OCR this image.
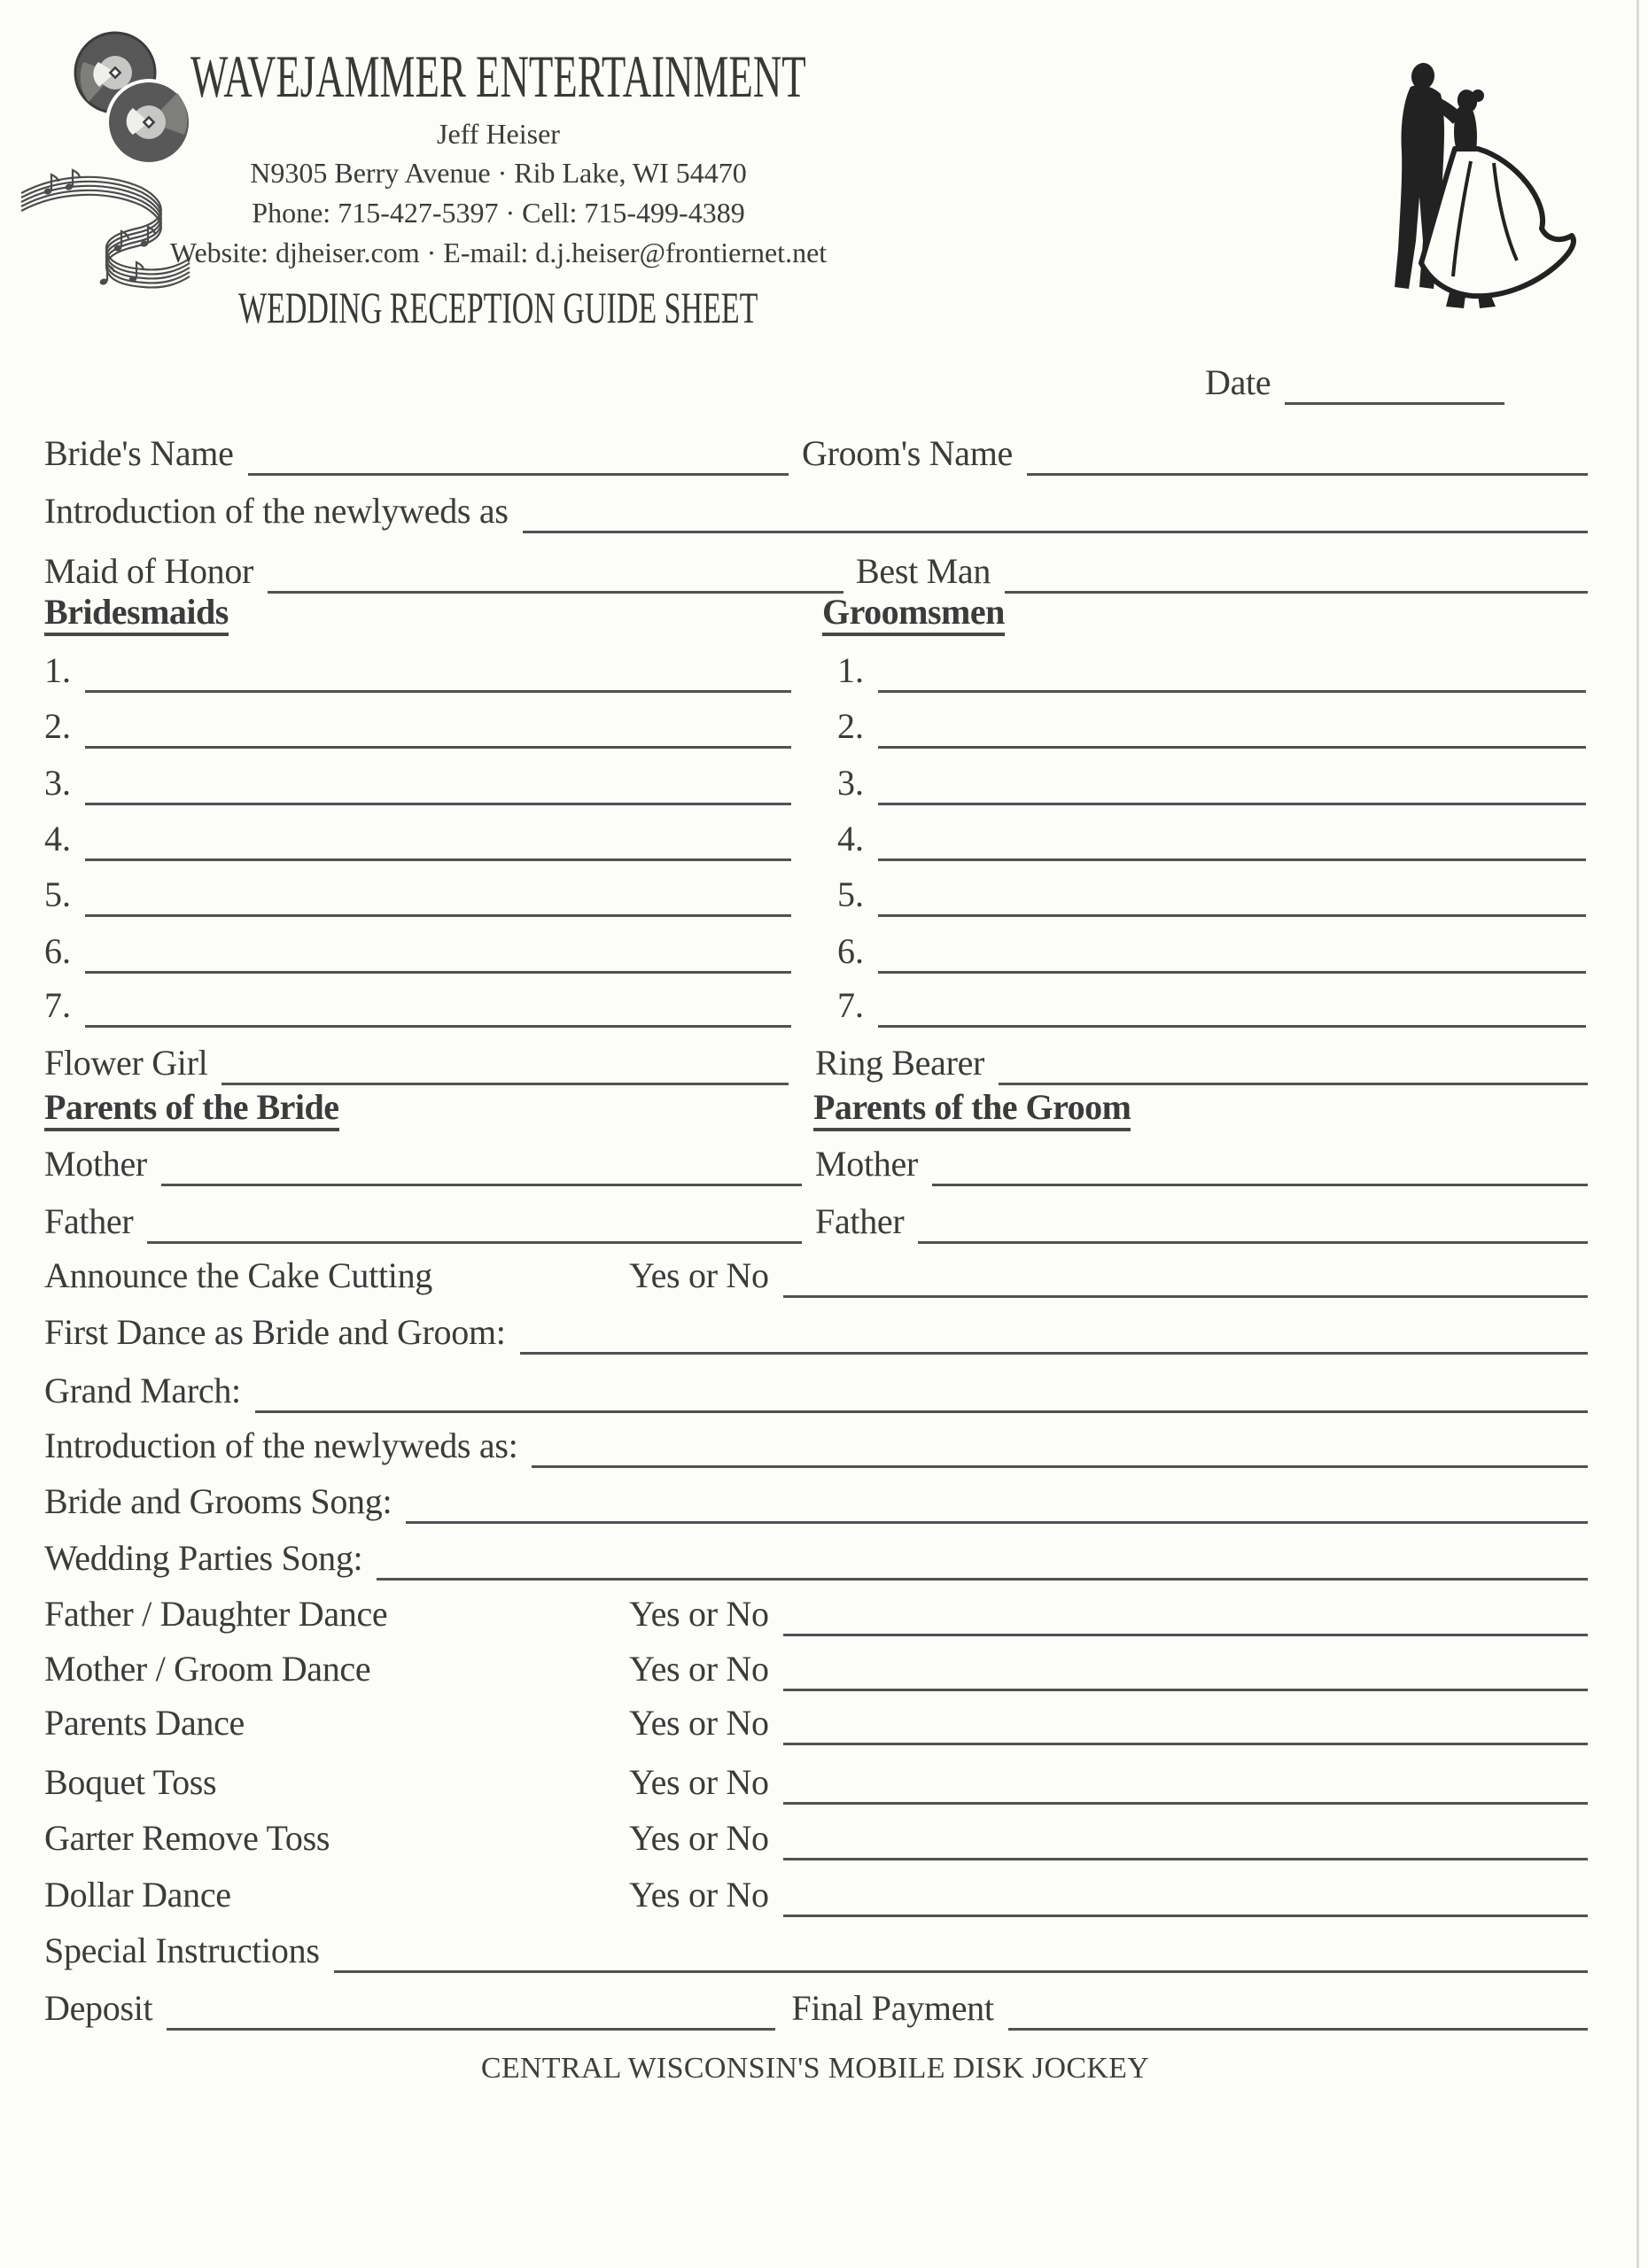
WAVEJAMMER ENTERTAINMENT
Jeff Heiser
N9305 Berry Avenue · Rib Lake, WI 54470
Phone: 715-427-5397 · Cell: 715-499-4389
Website: djheiser.com · E-mail: d.j.heiser@frontiernet.net
WEDDING RECEPTION GUIDE SHEET
Date
Bride's Name	Groom's Name
Introduction of the newlyweds as
Maid of Honor	Best Man
Bridesmaids	Groomsmen
1.	1.
2.	2.
3.	3.
4.	4.
5.	5.
6.	6.
7.	7.
Flower Girl	Ring Bearer
Parents of the Bride	Parents of the Groom
Mother	Mother
Father	Father
Announce the Cake Cutting	Yes or No
First Dance as Bride and Groom:
Grand March:
Introduction of the newlyweds as:
Bride and Grooms Song:
Wedding Parties Song:
Father / Daughter Dance	Yes or No
Mother / Groom Dance	Yes or No
Parents Dance	Yes or No
Boquet Toss	Yes or No
Garter Remove Toss	Yes or No
Dollar Dance	Yes or No
Special Instructions
Deposit	Final Payment
CENTRAL WISCONSIN'S MOBILE DISK JOCKEY
